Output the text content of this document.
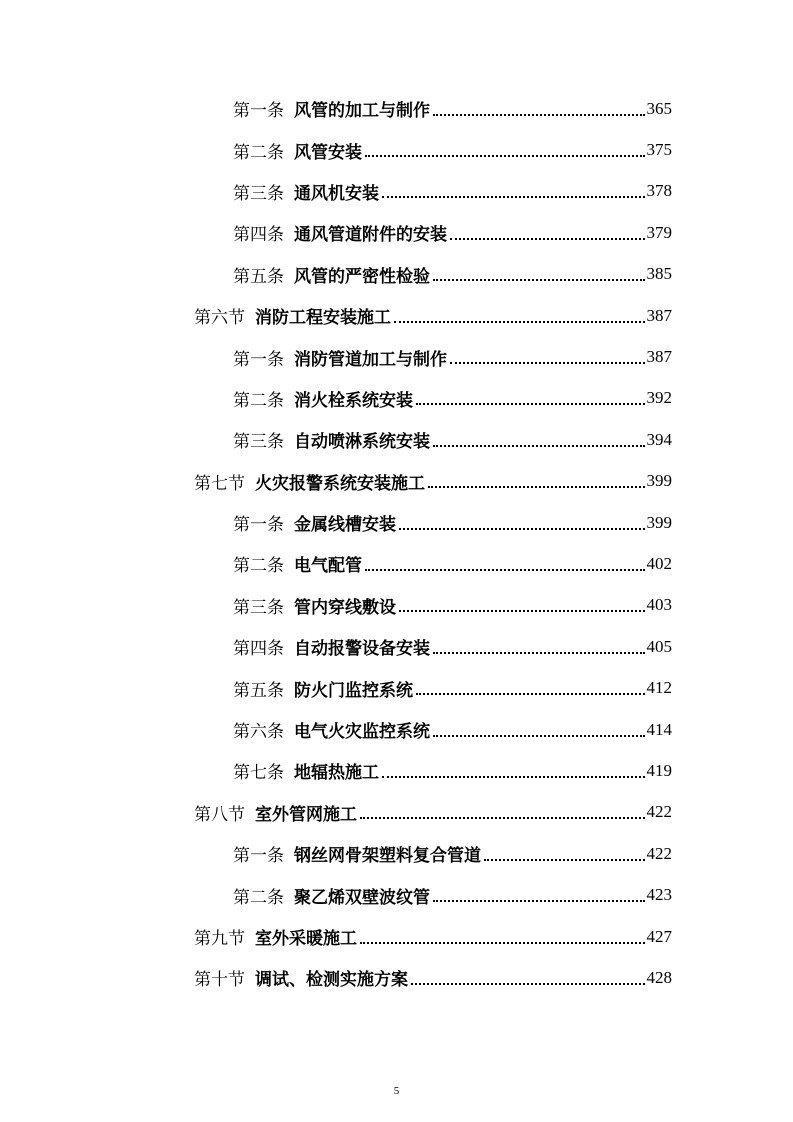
第一条 风管的加工与制作	365
第二条 风管安装	375
第三条 通风机安装	378
第四条 通风管道附件的安装	379
第五条 风管的严密性检验	385
第六节 消防工程安装施工	387
第一条 消防管道加工与制作	387
第二条 消火栓系统安装	392
第三条 自动喷淋系统安装	394
第七节 火灾报警系统安装施工	399
第一条 金属线槽安装	399
第二条 电气配管	402
第三条 管内穿线敷设	403
第四条 自动报警设备安装	405
第五条 防火门监控系统	412
第六条 电气火灾监控系统	414
第七条 地辐热施工	419
第八节 室外管网施工	422
第一条 钢丝网骨架塑料复合管道	422
第二条 聚乙烯双壁波纹管	423
第九节 室外采暖施工	427
第十节 调试、检测实施方案	428
5
